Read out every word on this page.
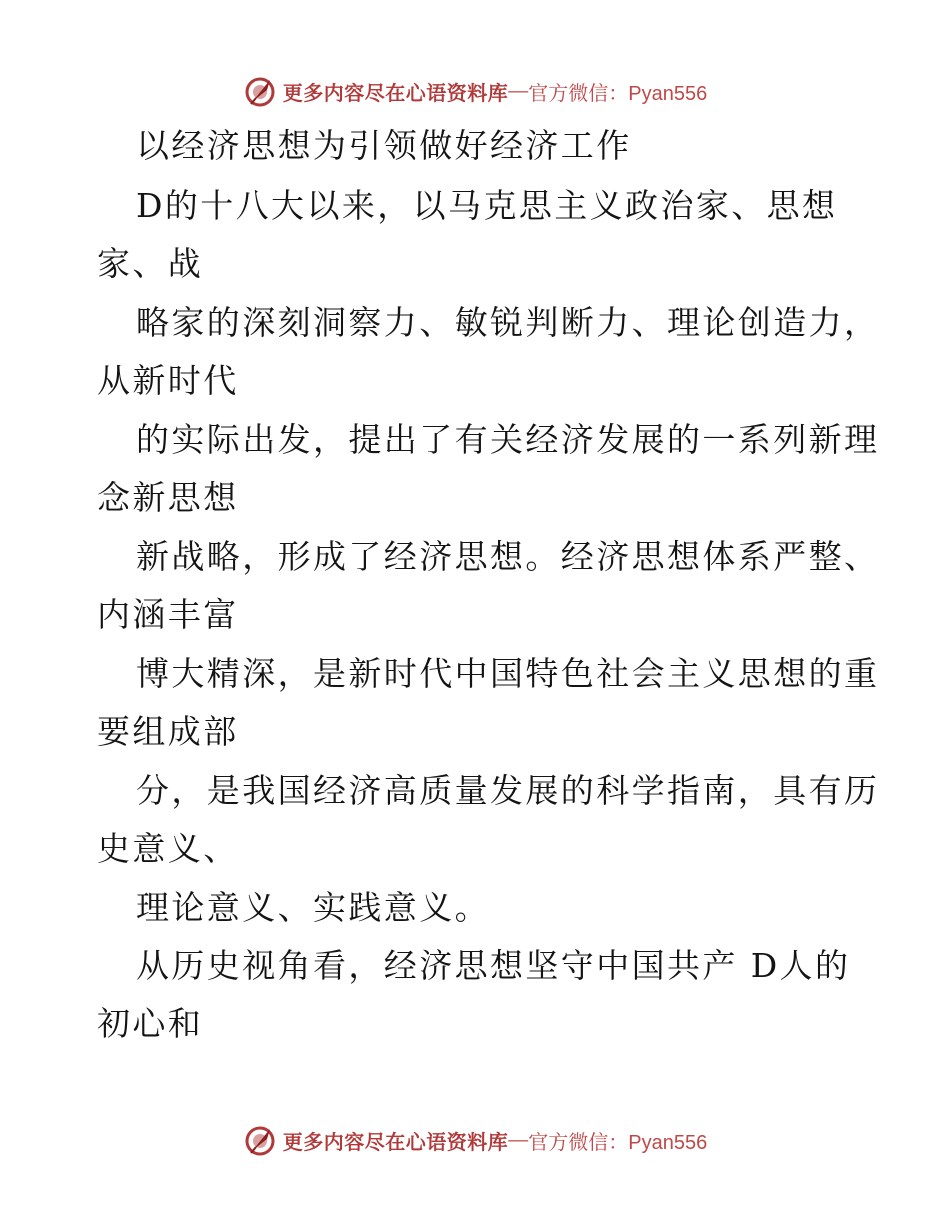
更多内容尽在心语资料库 — 官方微信：Pyan556
以经济思想为引领做好经济工作
D的十八大以来，以马克思主义政治家、思想
家、战
略家的深刻洞察力、敏锐判断力、理论创造力，
从新时代
的实际出发，提出了有关经济发展的一系列新理
念新思想
新战略，形成了经济思想。经济思想体系严整、
内涵丰富
博大精深，是新时代中国特色社会主义思想的重
要组成部
分，是我国经济高质量发展的科学指南，具有历
史意义、
理论意义、实践意义。
从历史视角看，经济思想坚守中国共产 D人的
初心和
更多内容尽在心语资料库 — 官方微信：Pyan556
